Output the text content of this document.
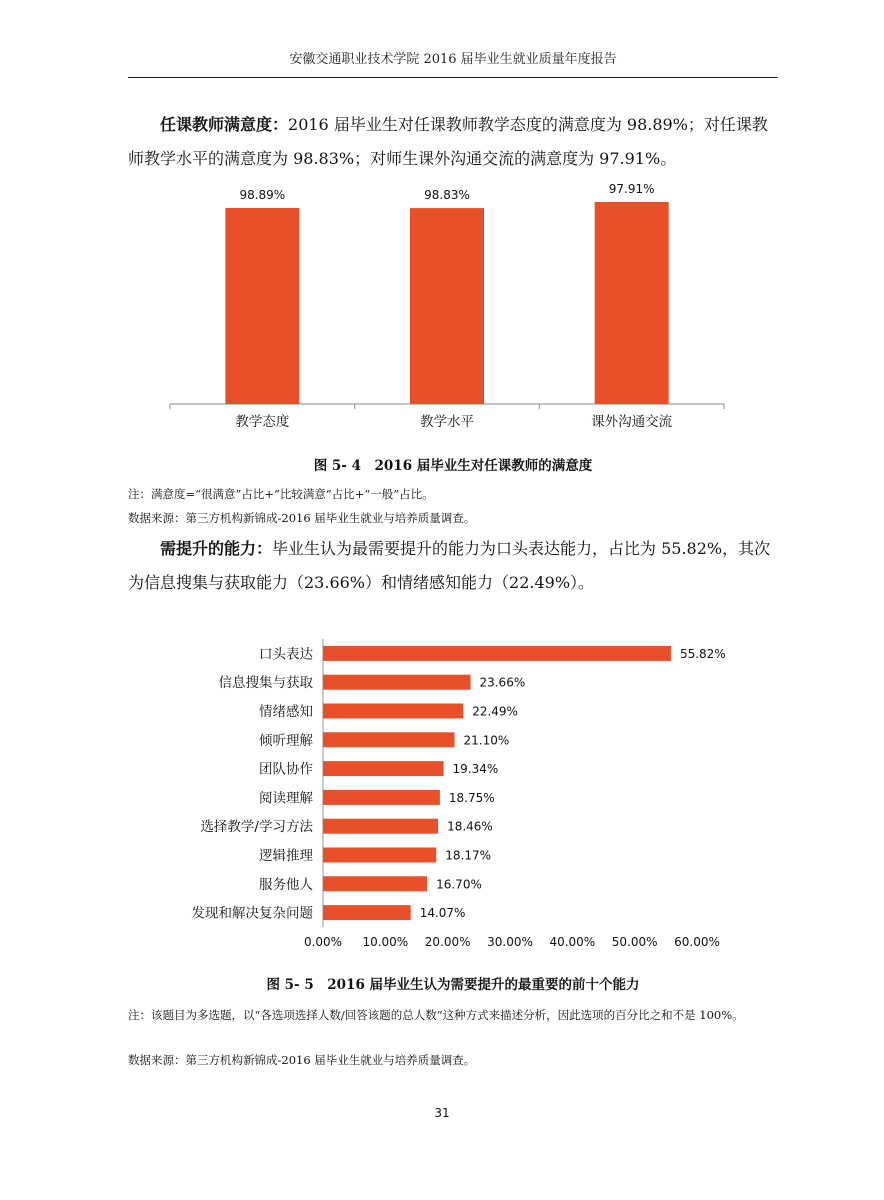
安徽交通职业技术学院 2016 届毕业生就业质量年度报告
任课教师满意度：2016 届毕业生对任课教师教学态度的满意度为 98.89%；对任课教师教学水平的满意度为 98.83%；对师生课外沟通交流的满意度为 97.91%。
98.89%
教学态度
98.83%
教学水平
97.91%
课外沟通交流
图 5- 4　2016 届毕业生对任课教师的满意度
注：满意度=“很满意”占比+“比较满意”占比+“一般”占比。
数据来源：第三方机构新锦成-2016 届毕业生就业与培养质量调查。
需提升的能力：毕业生认为最需要提升的能力为口头表达能力，占比为 55.82%，其次为信息搜集与获取能力（23.66%）和情绪感知能力（22.49%）。
55.82%
口头表达
23.66%
信息搜集与获取
22.49%
情绪感知
21.10%
倾听理解
19.34%
团队协作
18.75%
阅读理解
18.46%
选择教学/学习方法
18.17%
逻辑推理
16.70%
服务他人
14.07%
发现和解决复杂问题
0.00% 10.00% 20.00% 30.00% 40.00% 50.00% 60.00%
图 5- 5　2016 届毕业生认为需要提升的最重要的前十个能力
注：该题目为多选题，以“各选项选择人数/回答该题的总人数”这种方式来描述分析，因此选项的百分比之和不是 100%。
数据来源：第三方机构新锦成-2016 届毕业生就业与培养质量调查。
31
